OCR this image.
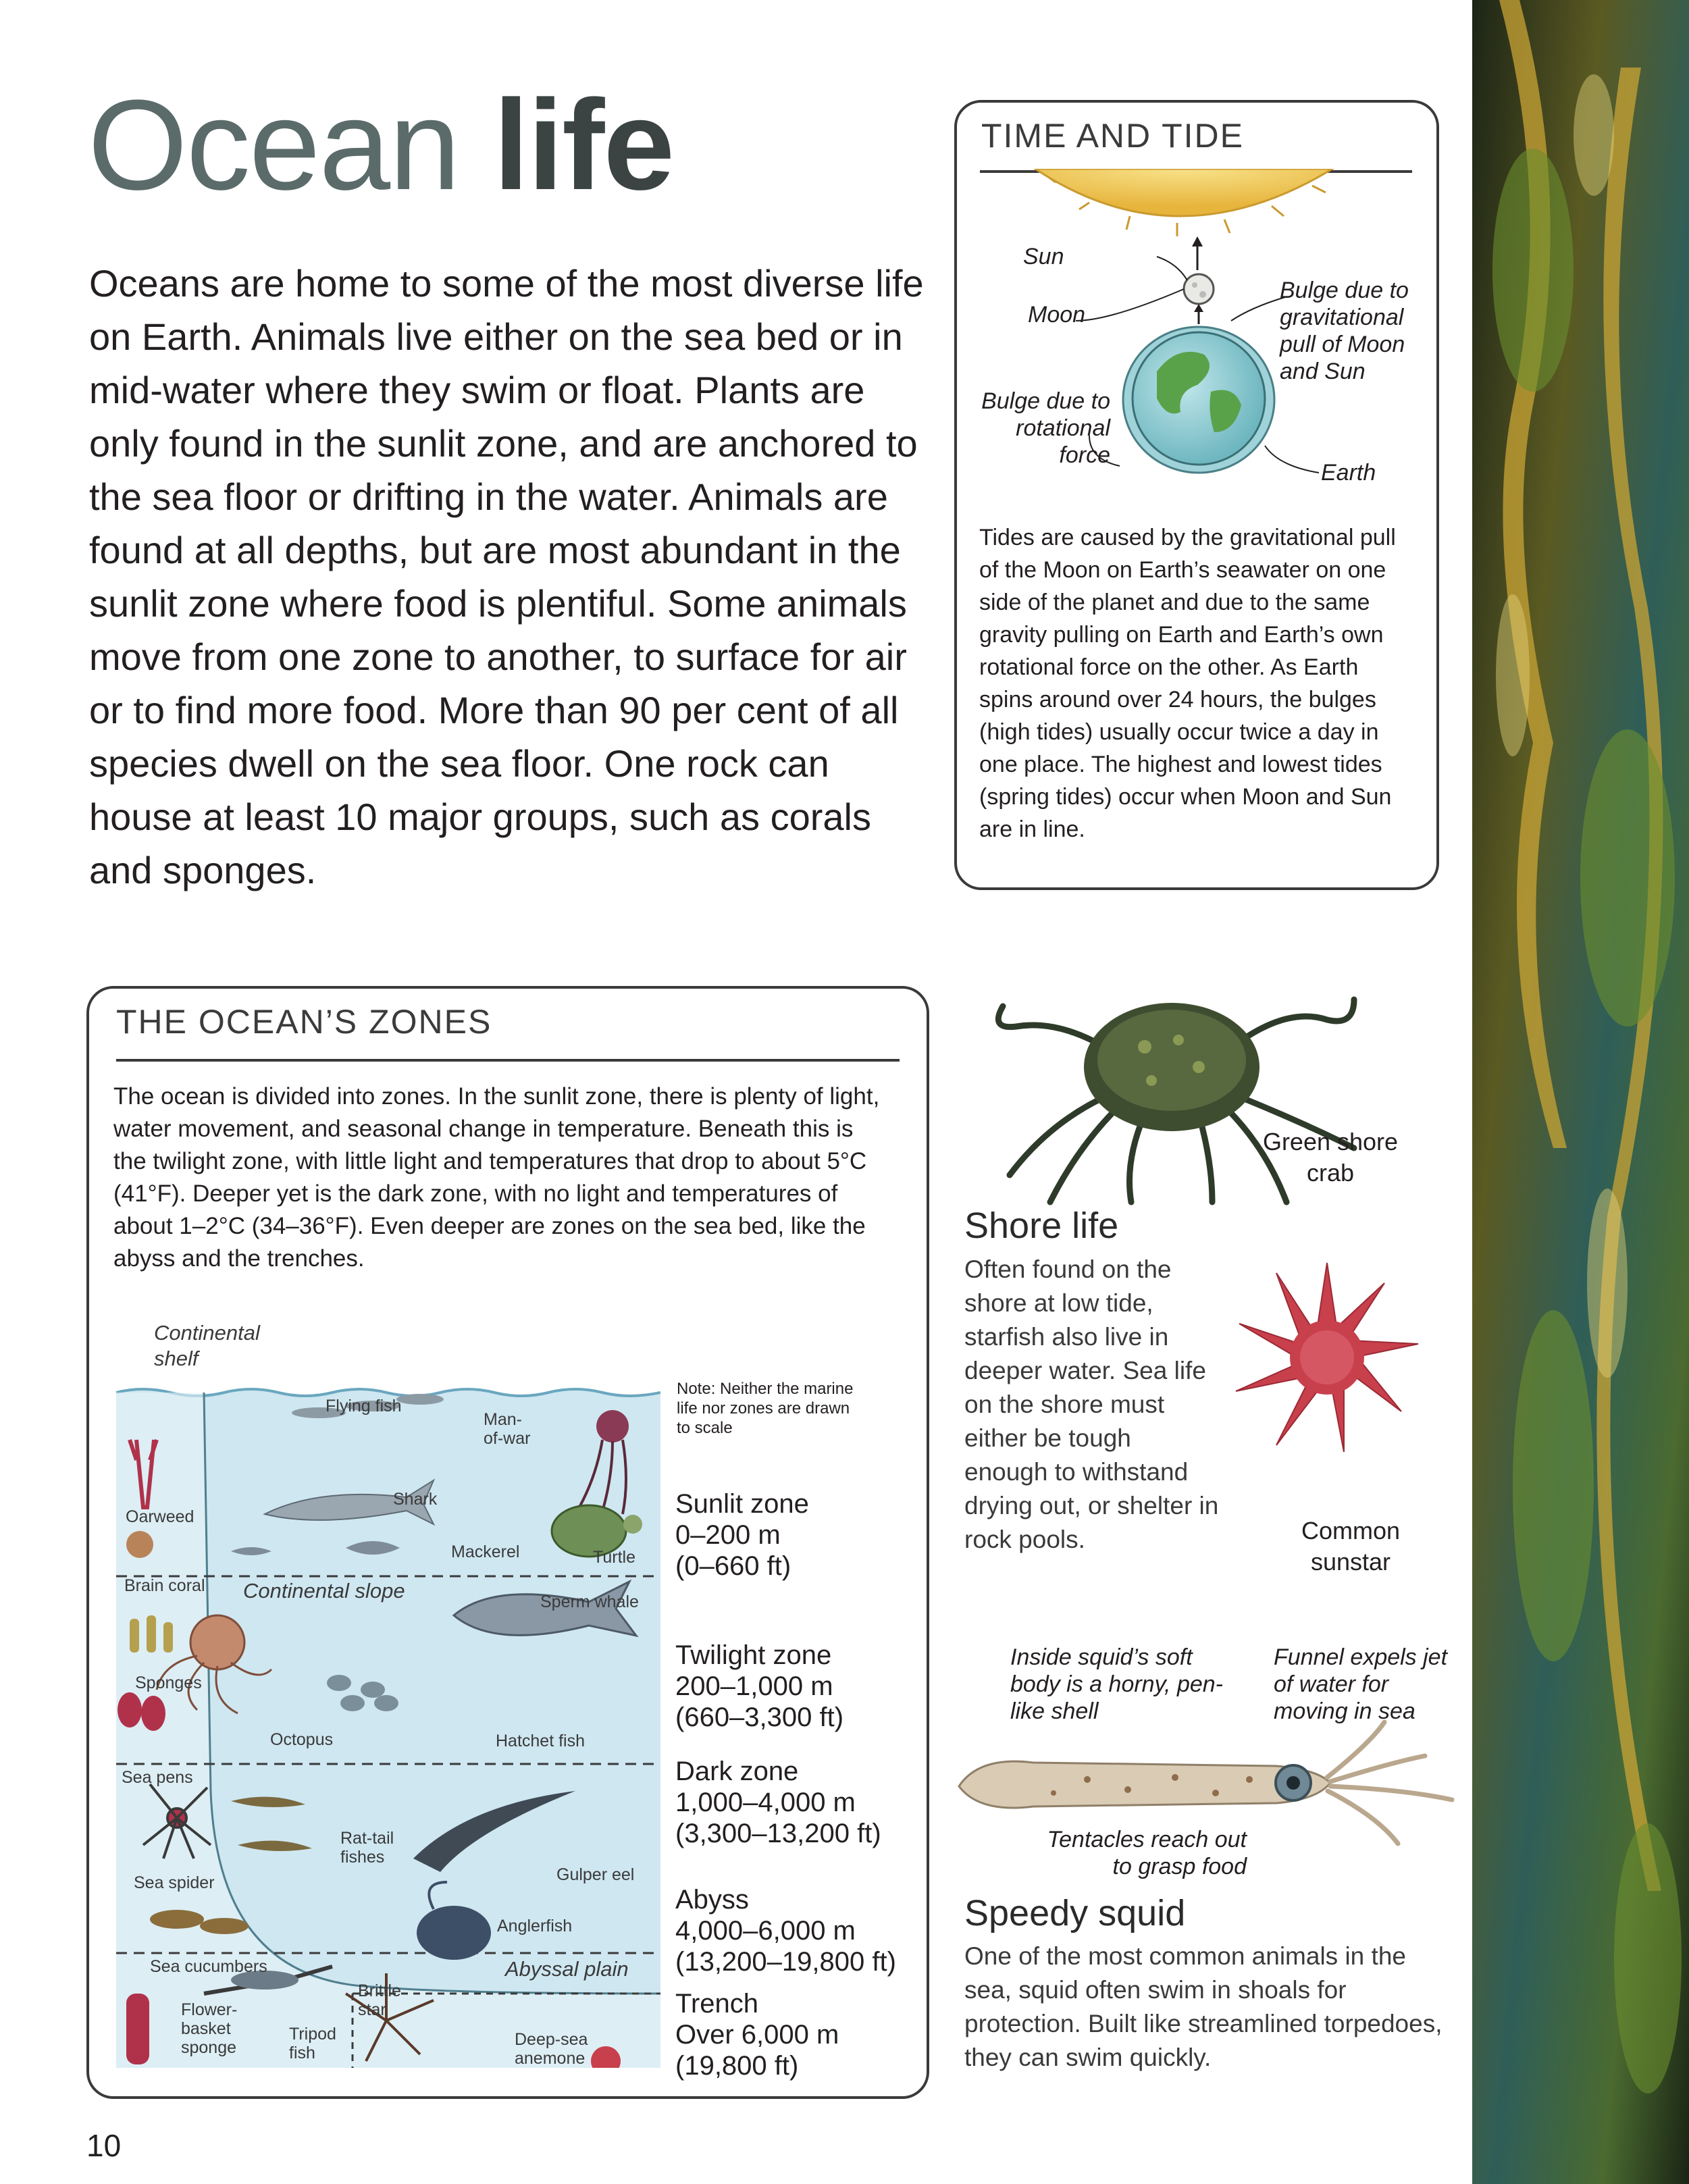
Ocean life
Oceans are home to some of the most diverse life on Earth. Animals live either on the sea bed or in mid-water where they swim or float. Plants are only found in the sunlit zone, and are anchored to the sea floor or drifting in the water. Animals are found at all depths, but are most abundant in the sunlit zone where food is plentiful. Some animals move from one zone to another, to surface for air or to find more food. More than 90 per cent of all species dwell on the sea floor. One rock can house at least 10 major groups, such as corals and sponges.
TIME AND TIDE
Sun
Moon
Bulge due to gravitational pull of Moon and Sun
Bulge due to rotational force
Earth
Tides are caused by the gravitational pull of the Moon on Earth’s seawater on one side of the planet and due to the same gravity pulling on Earth and Earth’s own rotational force on the other. As Earth spins around over 24 hours, the bulges (high tides) usually occur twice a day in one place. The highest and lowest tides (spring tides) occur when Moon and Sun are in line.
THE OCEAN’S ZONES
The ocean is divided into zones. In the sunlit zone, there is plenty of light, water movement, and seasonal change in temperature. Beneath this is the twilight zone, with little light and temperatures that drop to about 5°C (41°F). Deeper yet is the dark zone, with no light and temperatures of about 1–2°C (34–36°F). Even deeper are zones on the sea bed, like the abyss and the trenches.
Continental shelf
Continental slope
Abyssal plain
Flying fish
Man-of-war
Shark
Oarweed
Mackerel	Turtle
Brain coral
Sperm whale
Sponges
Octopus	Hatchet fish
Sea pens
Rat-tail fishes
Gulper eel
Sea spider
Anglerfish
Sea cucumbers
Brittle star
Flower-basket sponge
Tripod fish
Deep-sea anemone
Note: Neither the marine life nor zones are drawn to scale
Sunlit zone
0–200 m
(0–660 ft)
Twilight zone
200–1,000 m
(660–3,300 ft)
Dark zone
1,000–4,000 m
(3,300–13,200 ft)
Abyss
4,000–6,000 m
(13,200–19,800 ft)
Trench
Over 6,000 m
(19,800 ft)
Green shore crab
Shore life
Often found on the shore at low tide, starfish also live in deeper water. Sea life on the shore must either be tough enough to withstand drying out, or shelter in rock pools.	Common sunstar
Inside squid’s soft body is a horny, pen-like shell
Funnel expels jet of water for moving in sea
Tentacles reach out to grasp food
Speedy squid
One of the most common animals in the sea, squid often swim in shoals for protection. Built like streamlined torpedoes, they can swim quickly.
10
